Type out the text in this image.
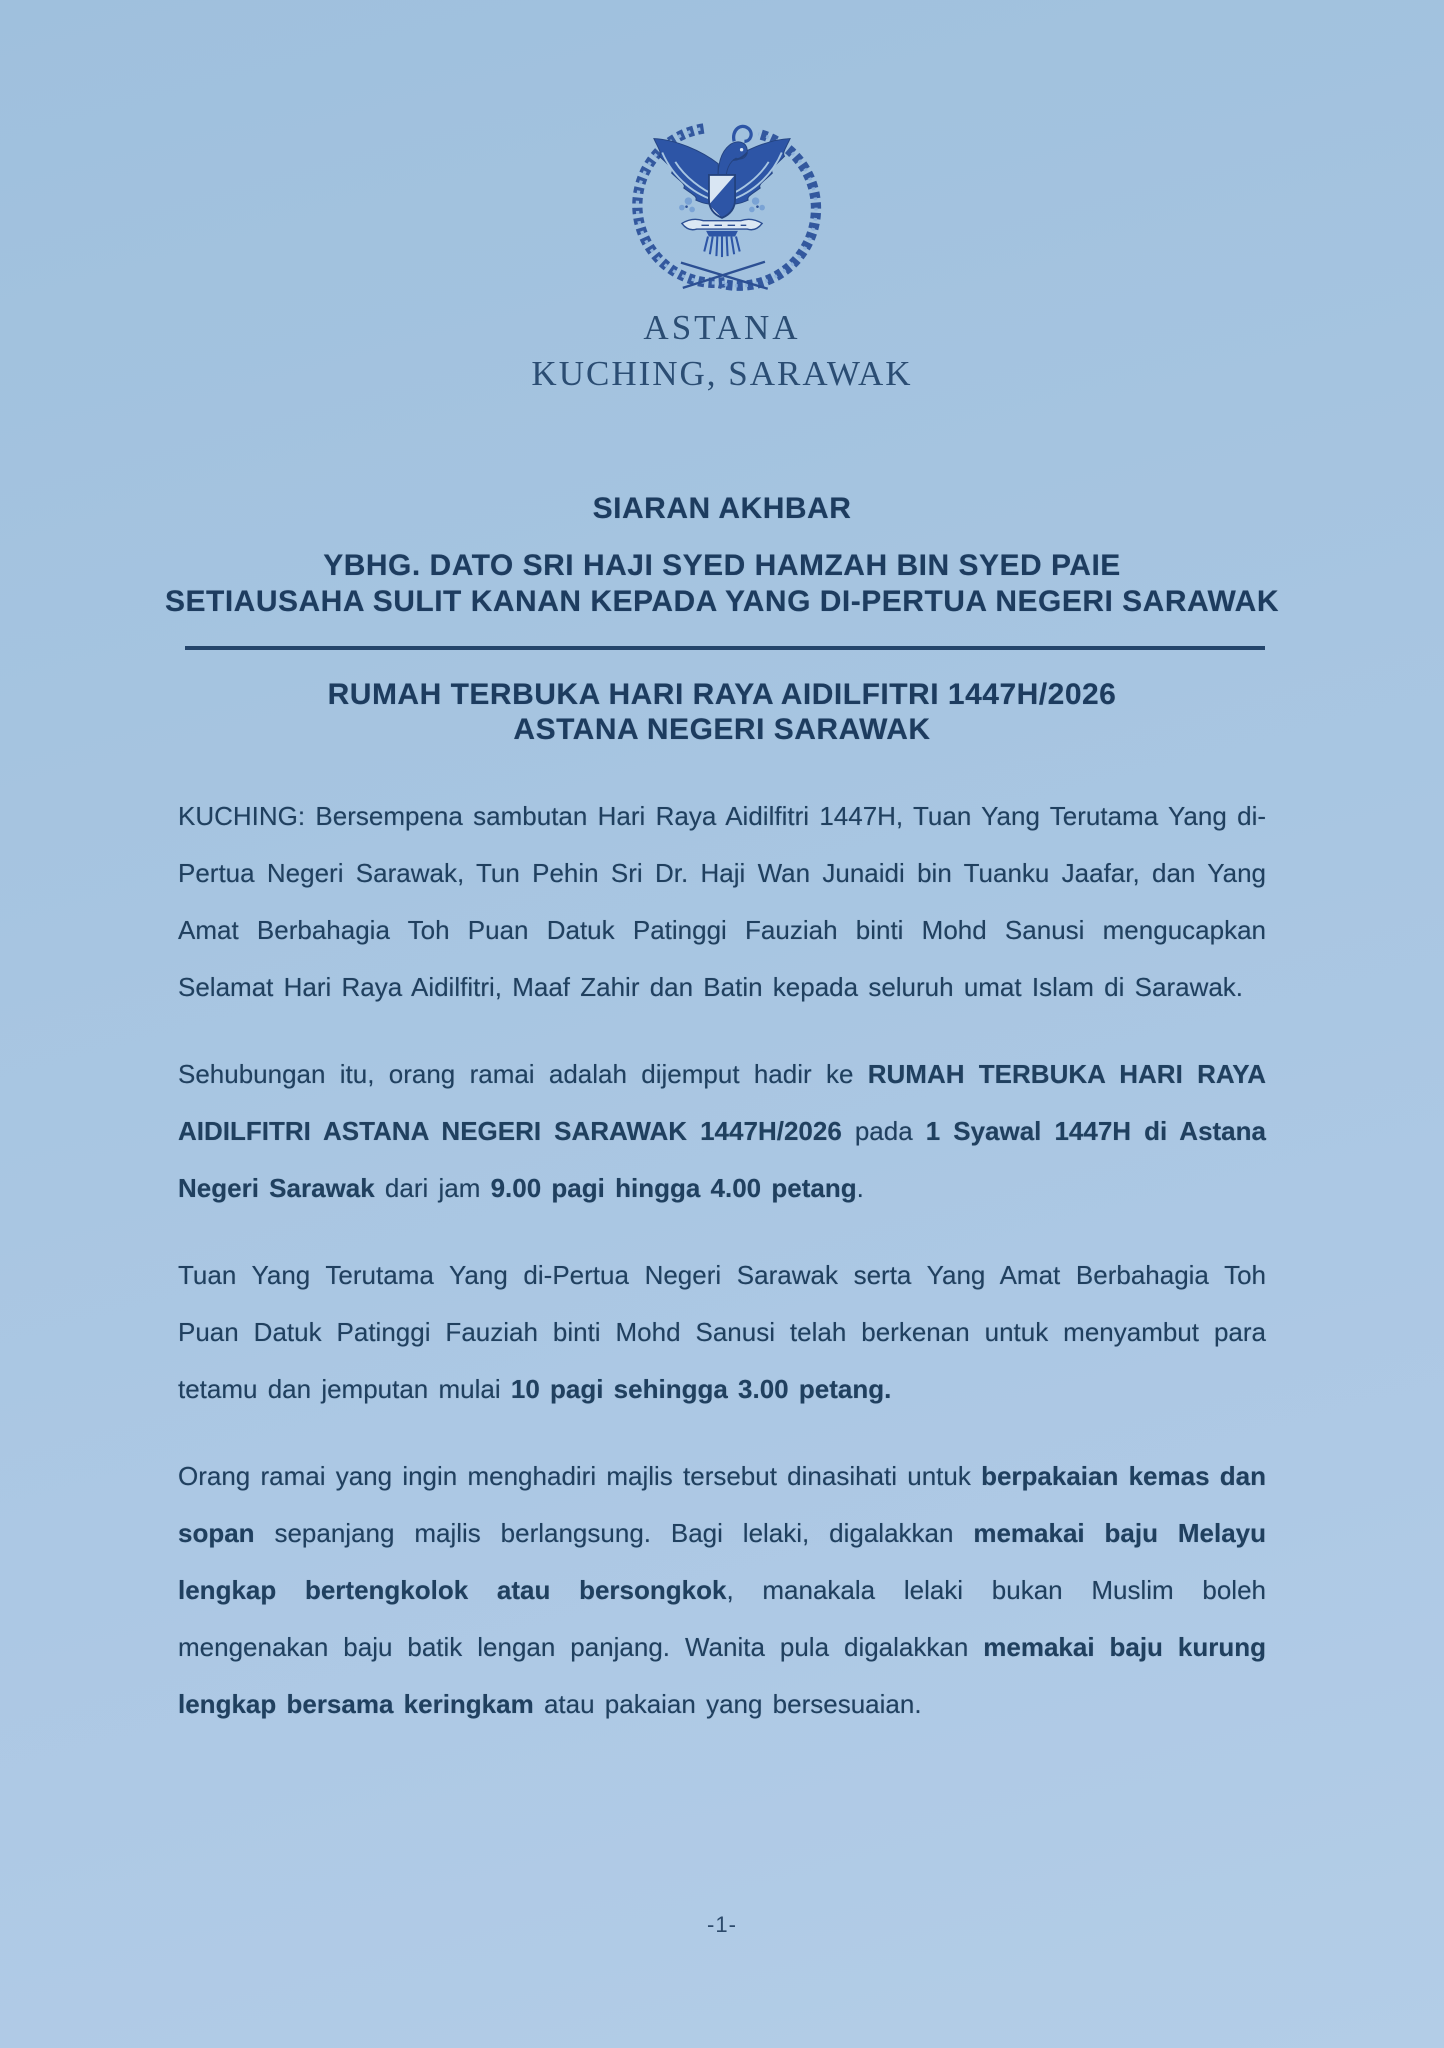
ASTANA
KUCHING, SARAWAK
SIARAN AKHBAR
YBHG. DATO SRI HAJI SYED HAMZAH BIN SYED PAIE
SETIAUSAHA SULIT KANAN KEPADA YANG DI-PERTUA NEGERI SARAWAK
RUMAH TERBUKA HARI RAYA AIDILFITRI 1447H/2026
ASTANA NEGERI SARAWAK

KUCHING: Bersempena sambutan Hari Raya Aidilfitri 1447H, Tuan Yang Terutama Yang di-Pertua Negeri Sarawak, Tun Pehin Sri Dr. Haji Wan Junaidi bin Tuanku Jaafar, dan Yang Amat Berbahagia Toh Puan Datuk Patinggi Fauziah binti Mohd Sanusi mengucapkan Selamat Hari Raya Aidilfitri, Maaf Zahir dan Batin kepada seluruh umat Islam di Sarawak.

Sehubungan itu, orang ramai adalah dijemput hadir ke RUMAH TERBUKA HARI RAYA AIDILFITRI ASTANA NEGERI SARAWAK 1447H/2026 pada 1 Syawal 1447H di Astana Negeri Sarawak dari jam 9.00 pagi hingga 4.00 petang.

Tuan Yang Terutama Yang di-Pertua Negeri Sarawak serta Yang Amat Berbahagia Toh Puan Datuk Patinggi Fauziah binti Mohd Sanusi telah berkenan untuk menyambut para tetamu dan jemputan mulai 10 pagi sehingga 3.00 petang.

Orang ramai yang ingin menghadiri majlis tersebut dinasihati untuk berpakaian kemas dan sopan sepanjang majlis berlangsung. Bagi lelaki, digalakkan memakai baju Melayu lengkap bertengkolok atau bersongkok, manakala lelaki bukan Muslim boleh mengenakan baju batik lengan panjang. Wanita pula digalakkan memakai baju kurung lengkap bersama keringkam atau pakaian yang bersesuaian.

-1-
